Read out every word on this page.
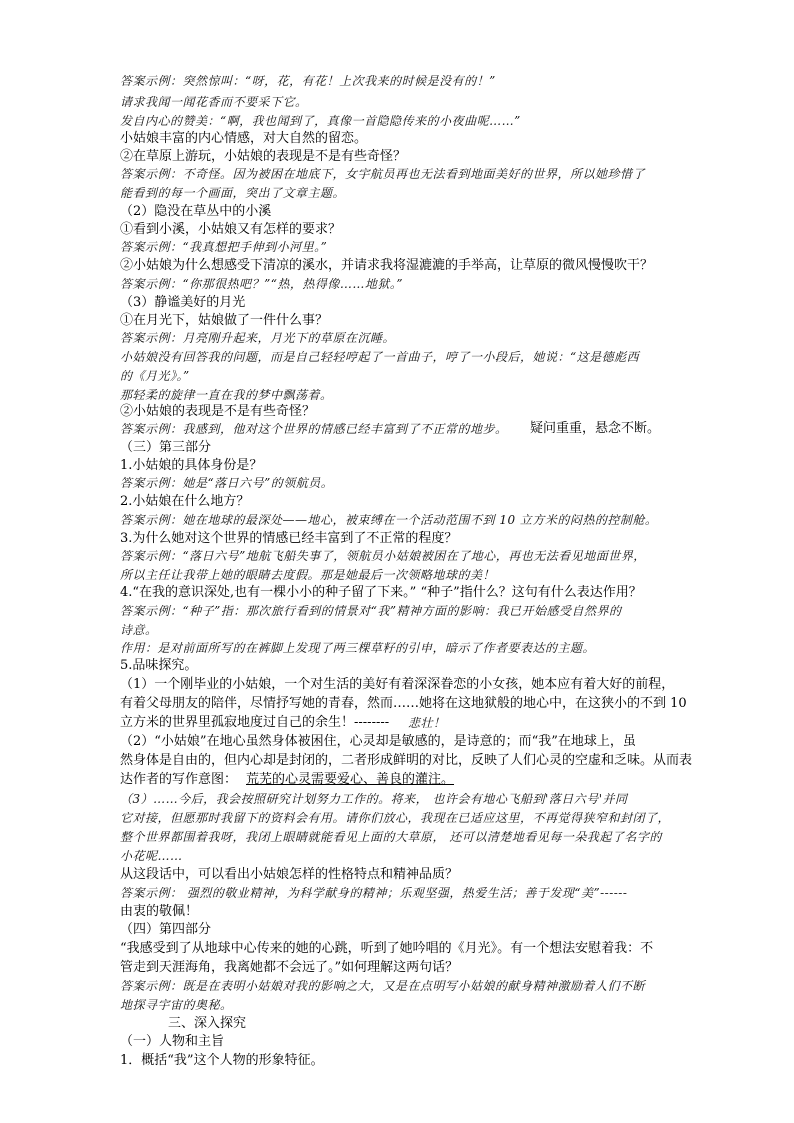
答案示例：突然惊叫：“呀，花，有花！上次我来的时候是没有的！”
请求我闻一闻花香而不要采下它。
发自内心的赞美：“啊，我也闻到了，真像一首隐隐传来的小夜曲呢……”
小姑娘丰富的内心情感，对大自然的留恋。
②在草原上游玩，小姑娘的表现是不是有些奇怪？
答案示例：不奇怪。因为被困在地底下，女宇航员再也无法看到地面美好的世界，所以她珍惜了
能看到的每一个画面，突出了文章主题。
（2）隐没在草丛中的小溪
①看到小溪，小姑娘又有怎样的要求？
答案示例：“我真想把手伸到小河里。”
②小姑娘为什么想感受下清凉的溪水，并请求我将湿漉漉的手举高，让草原的微风慢慢吹干？
答案示例：“你那很热吧？”“热，热得像……地狱。”
（3）静谧美好的月光
①在月光下，姑娘做了一件什么事？
答案示例：月亮刚升起来，月光下的草原在沉睡。
小姑娘没有回答我的问题，而是自己轻轻哼起了一首曲子，哼了一小段后，她说：“这是德彪西
的《月光》。”
那轻柔的旋律一直在我的梦中飘荡着。
②小姑娘的表现是不是有些奇怪？
答案示例：我感到，他对这个世界的情感已经丰富到了不正常的地步。 疑问重重，悬念不断。
（三）第三部分
1.小姑娘的具体身份是？
答案示例：她是“落日六号”的领航员。
2.小姑娘在什么地方？
答案示例：她在地球的最深处——地心，被束缚在一个活动范围不到 10 立方米的闷热的控制舱。
3.为什么她对这个世界的情感已经丰富到了不正常的程度？
答案示例：“落日六号”地航飞船失事了，领航员小姑娘被困在了地心，再也无法看见地面世界，
所以主任让我带上她的眼睛去度假。那是她最后一次领略地球的美！
4.“在我的意识深处,也有一棵小小的种子留了下来。” “种子”指什么？这句有什么表达作用？
答案示例：“种子”指：那次旅行看到的情景对“我”精神方面的影响：我已开始感受自然界的
诗意。
作用：是对前面所写的在裤脚上发现了两三棵草籽的引申，暗示了作者要表达的主题。
5.品味探究。
（1）一个刚毕业的小姑娘，一个对生活的美好有着深深眷恋的小女孩，她本应有着大好的前程，
有着父母朋友的陪伴，尽情抒写她的青春，然而……她将在这地狱般的地心中，在这狭小的不到 10
立方米的世界里孤寂地度过自己的余生！-------- 悲壮！
（2）“小姑娘”在地心虽然身体被困住，心灵却是敏感的，是诗意的；而“我”在地球上，虽
然身体是自由的，但内心却是封闭的，二者形成鲜明的对比，反映了人们心灵的空虚和乏味。从而表
达作者的写作意图： 荒芜的心灵需要爱心、善良的灌注。
（3）……今后，我会按照研究计划努力工作的。将来， 也许会有地心飞船到'落日六号'并同
它对接，但愿那时我留下的资料会有用。请你们放心，我现在已适应这里，不再觉得狭窄和封闭了，
整个世界都围着我呀，我闭上眼睛就能看见上面的大草原， 还可以清楚地看见每一朵我起了名字的
小花呢……
从这段话中，可以看出小姑娘怎样的性格特点和精神品质？
答案示例： 强烈的敬业精神，为科学献身的精神；乐观坚强，热爱生活；善于发现“美”------
由衷的敬佩！
（四）第四部分
“我感受到了从地球中心传来的她的心跳，听到了她吟唱的《月光》。有一个想法安慰着我：不
管走到天涯海角，我离她都不会远了。”如何理解这两句话？
答案示例：既是在表明小姑娘对我的影响之大，又是在点明写小姑娘的献身精神激励着人们不断
地探寻宇宙的奥秘。
三、深入探究
（一）人物和主旨
1．概括“我”这个人物的形象特征。
